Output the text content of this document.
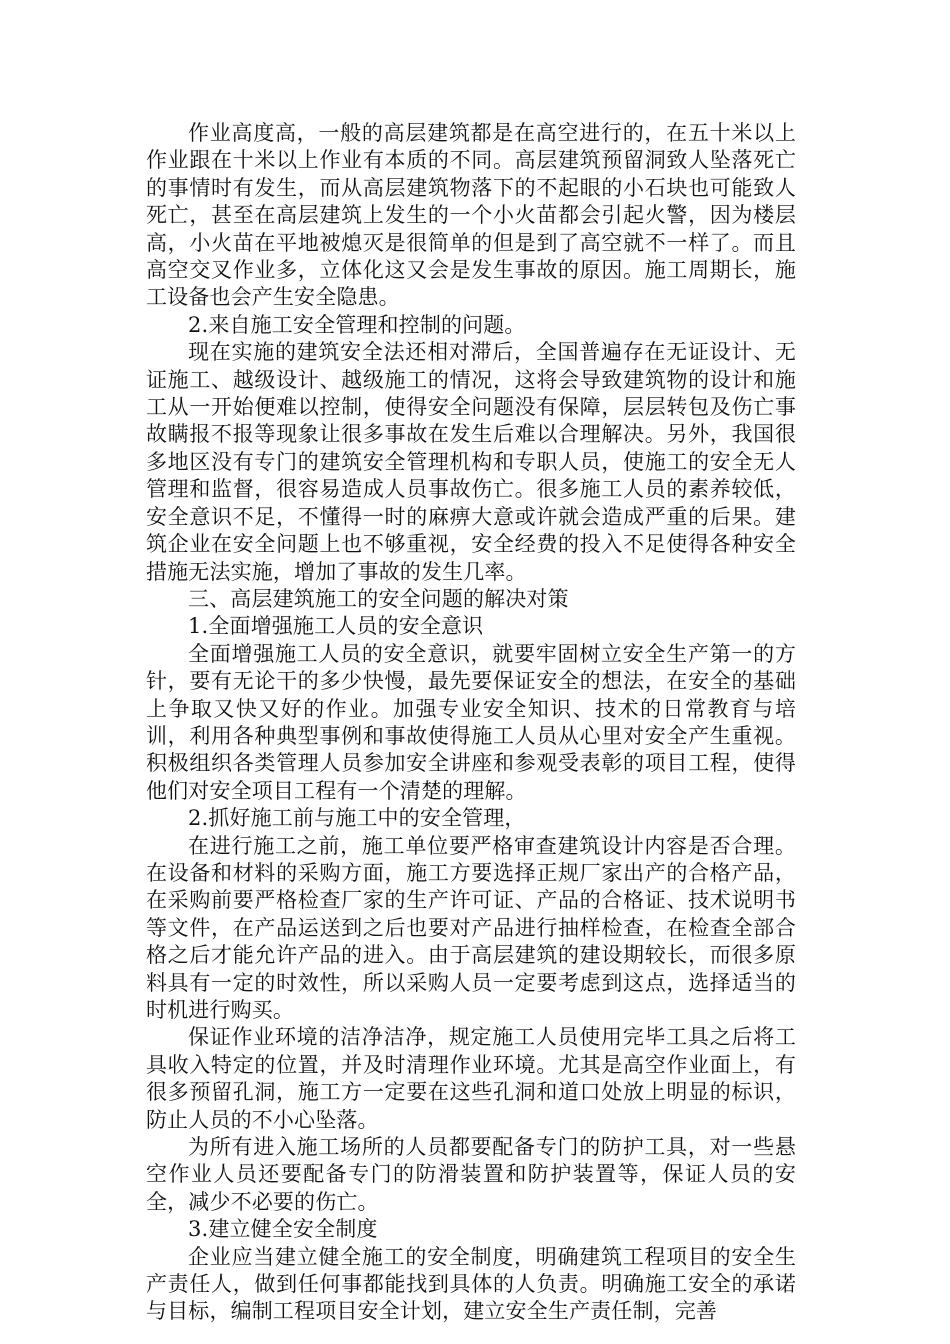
作业高度高，一般的高层建筑都是在高空进行的，在五十米以上作业跟在十米以上作业有本质的不同。高层建筑预留洞致人坠落死亡的事情时有发生，而从高层建筑物落下的不起眼的小石块也可能致人死亡，甚至在高层建筑上发生的一个小火苗都会引起火警，因为楼层高，小火苗在平地被熄灭是很简单的但是到了高空就不一样了。而且高空交叉作业多，立体化这又会是发生事故的原因。施工周期长，施工设备也会产生安全隐患。

2.来自施工安全管理和控制的问题。

现在实施的建筑安全法还相对滞后，全国普遍存在无证设计、无证施工、越级设计、越级施工的情况，这将会导致建筑物的设计和施工从一开始便难以控制，使得安全问题没有保障，层层转包及伤亡事故瞒报不报等现象让很多事故在发生后难以合理解决。另外，我国很多地区没有专门的建筑安全管理机构和专职人员，使施工的安全无人管理和监督，很容易造成人员事故伤亡。很多施工人员的素养较低，安全意识不足，不懂得一时的麻痹大意或许就会造成严重的后果。建筑企业在安全问题上也不够重视，安全经费的投入不足使得各种安全措施无法实施，增加了事故的发生几率。

三、高层建筑施工的安全问题的解决对策

1.全面增强施工人员的安全意识

全面增强施工人员的安全意识，就要牢固树立安全生产第一的方针，要有无论干的多少快慢，最先要保证安全的想法，在安全的基础上争取又快又好的作业。加强专业安全知识、技术的日常教育与培训，利用各种典型事例和事故使得施工人员从心里对安全产生重视。积极组织各类管理人员参加安全讲座和参观受表彰的项目工程，使得他们对安全项目工程有一个清楚的理解。

2.抓好施工前与施工中的安全管理，

在进行施工之前，施工单位要严格审查建筑设计内容是否合理。在设备和材料的采购方面，施工方要选择正规厂家出产的合格产品，在采购前要严格检查厂家的生产许可证、产品的合格证、技术说明书等文件，在产品运送到之后也要对产品进行抽样检查，在检查全部合格之后才能允许产品的进入。由于高层建筑的建设期较长，而很多原料具有一定的时效性，所以采购人员一定要考虑到这点，选择适当的时机进行购买。

保证作业环境的洁净洁净，规定施工人员使用完毕工具之后将工具收入特定的位置，并及时清理作业环境。尤其是高空作业面上，有很多预留孔洞，施工方一定要在这些孔洞和道口处放上明显的标识，防止人员的不小心坠落。

为所有进入施工场所的人员都要配备专门的防护工具，对一些悬空作业人员还要配备专门的防滑装置和防护装置等，保证人员的安全，减少不必要的伤亡。

3.建立健全安全制度

企业应当建立健全施工的安全制度，明确建筑工程项目的安全生产责任人，做到任何事都能找到具体的人负责。明确施工安全的承诺与目标，编制工程项目安全计划，建立安全生产责任制，完善
